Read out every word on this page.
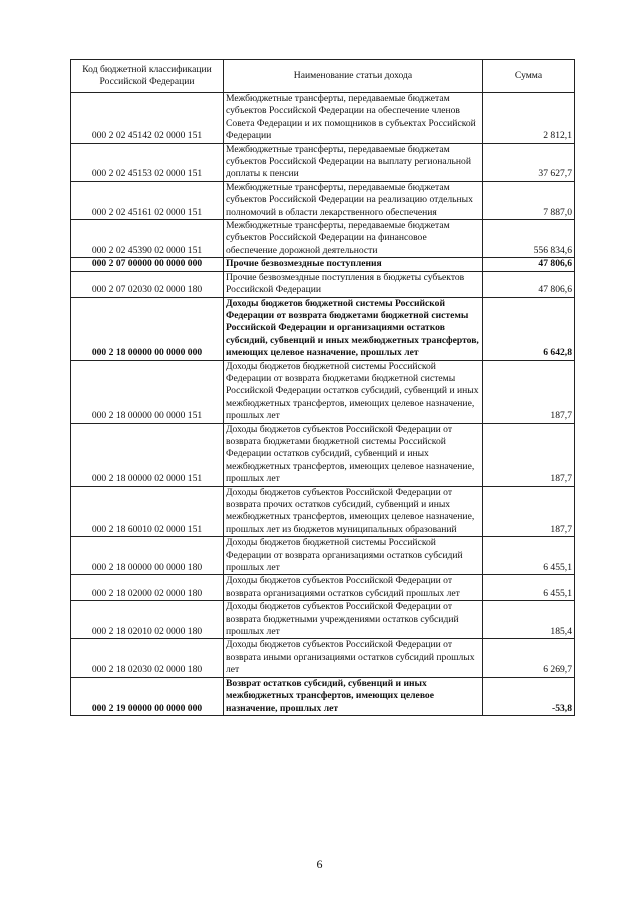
Код бюджетной классификации Российской Федерации	Наименование статьи дохода	Сумма
000 2 02 45142 02 0000 151	Межбюджетные трансферты, передаваемые бюджетам субъектов Российской Федерации на обеспечение членов Совета Федерации и их помощников в субъектах Российской Федерации	2 812,1
000 2 02 45153 02 0000 151	Межбюджетные трансферты, передаваемые бюджетам субъектов Российской Федерации на выплату региональной доплаты к пенсии	37 627,7
000 2 02 45161 02 0000 151	Межбюджетные трансферты, передаваемые бюджетам субъектов Российской Федерации на реализацию отдельных полномочий в области лекарственного обеспечения	7 887,0
000 2 02 45390 02 0000 151	Межбюджетные трансферты, передаваемые бюджетам субъектов Российской Федерации на финансовое обеспечение дорожной деятельности	556 834,6
000 2 07 00000 00 0000 000	Прочие безвозмездные поступления	47 806,6
000 2 07 02030 02 0000 180	Прочие безвозмездные поступления в бюджеты субъектов Российской Федерации	47 806,6
000 2 18 00000 00 0000 000	Доходы бюджетов бюджетной системы Российской Федерации от возврата бюджетами бюджетной системы Российской Федерации и организациями остатков субсидий, субвенций и иных межбюджетных трансфертов, имеющих целевое назначение, прошлых лет	6 642,8
000 2 18 00000 00 0000 151	Доходы бюджетов бюджетной системы Российской Федерации от возврата бюджетами бюджетной системы Российской Федерации остатков субсидий, субвенций и иных межбюджетных трансфертов, имеющих целевое назначение, прошлых лет	187,7
000 2 18 00000 02 0000 151	Доходы бюджетов субъектов Российской Федерации от возврата бюджетами бюджетной системы Российской Федерации остатков субсидий, субвенций и иных межбюджетных трансфертов, имеющих целевое назначение, прошлых лет	187,7
000 2 18 60010 02 0000 151	Доходы бюджетов субъектов Российской Федерации от возврата прочих остатков субсидий, субвенций и иных межбюджетных трансфертов, имеющих целевое назначение, прошлых лет из бюджетов муниципальных образований	187,7
000 2 18 00000 00 0000 180	Доходы бюджетов бюджетной системы Российской Федерации от возврата организациями остатков субсидий прошлых лет	6 455,1
000 2 18 02000 02 0000 180	Доходы бюджетов субъектов Российской Федерации от возврата организациями остатков субсидий прошлых лет	6 455,1
000 2 18 02010 02 0000 180	Доходы бюджетов субъектов Российской Федерации от возврата бюджетными учреждениями остатков субсидий прошлых лет	185,4
000 2 18 02030 02 0000 180	Доходы бюджетов субъектов Российской Федерации от возврата иными организациями остатков субсидий прошлых лет	6 269,7
000 2 19 00000 00 0000 000	Возврат остатков субсидий, субвенций и иных межбюджетных трансфертов, имеющих целевое назначение, прошлых лет	-53,8
6
